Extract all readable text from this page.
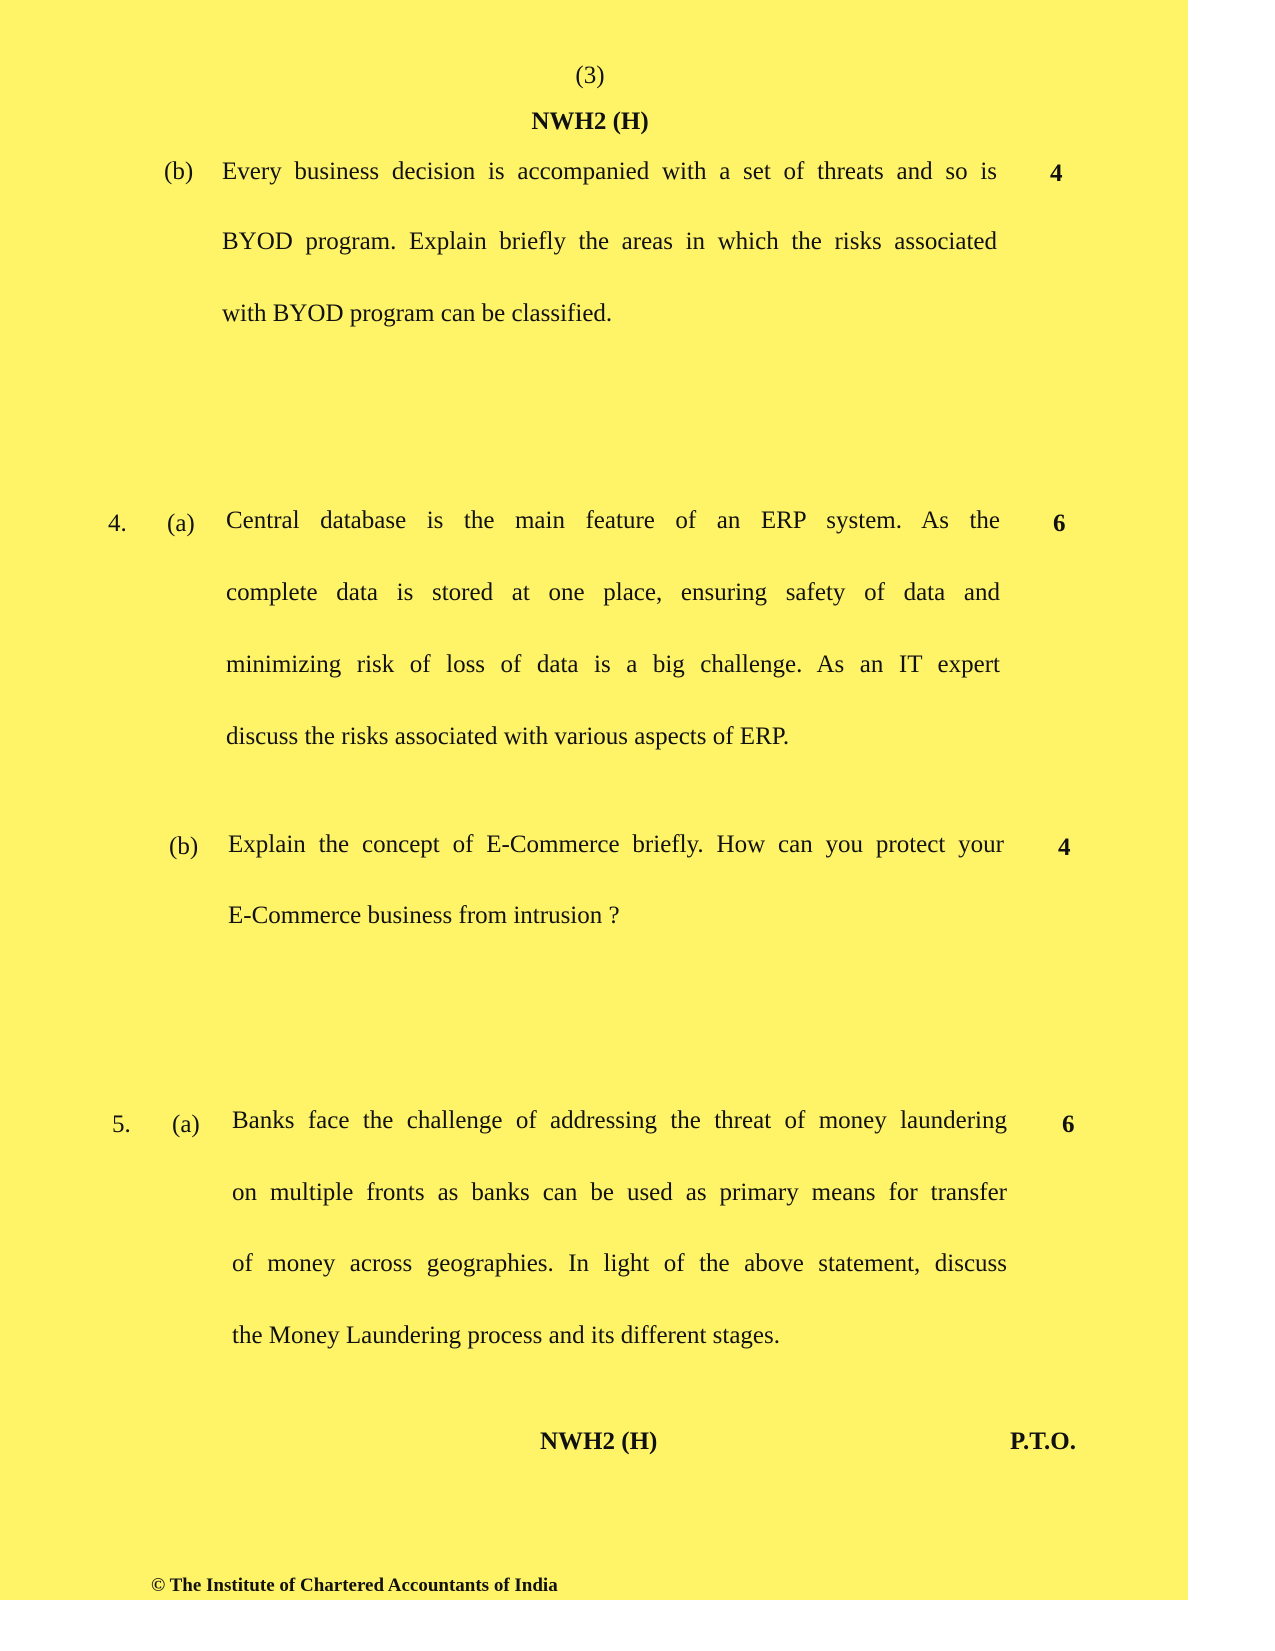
(3)
NWH2 (H)
(b)	4
Every business decision is accompanied with a set of threats and so is
BYOD program. Explain briefly the areas in which the risks associated
with BYOD program can be classified.
4. (a)	6
Central database is the main feature of an ERP system. As the
complete data is stored at one place, ensuring safety of data and
minimizing risk of loss of data is a big challenge. As an IT expert
discuss the risks associated with various aspects of ERP.
(b)	4
Explain the concept of E-Commerce briefly. How can you protect your
E-Commerce business from intrusion ?
5. (a)	6
Banks face the challenge of addressing the threat of money laundering
on multiple fronts as banks can be used as primary means for transfer
of money across geographies. In light of the above statement, discuss
the Money Laundering process and its different stages.
NWH2 (H)	P.T.O.
© The Institute of Chartered Accountants of India
